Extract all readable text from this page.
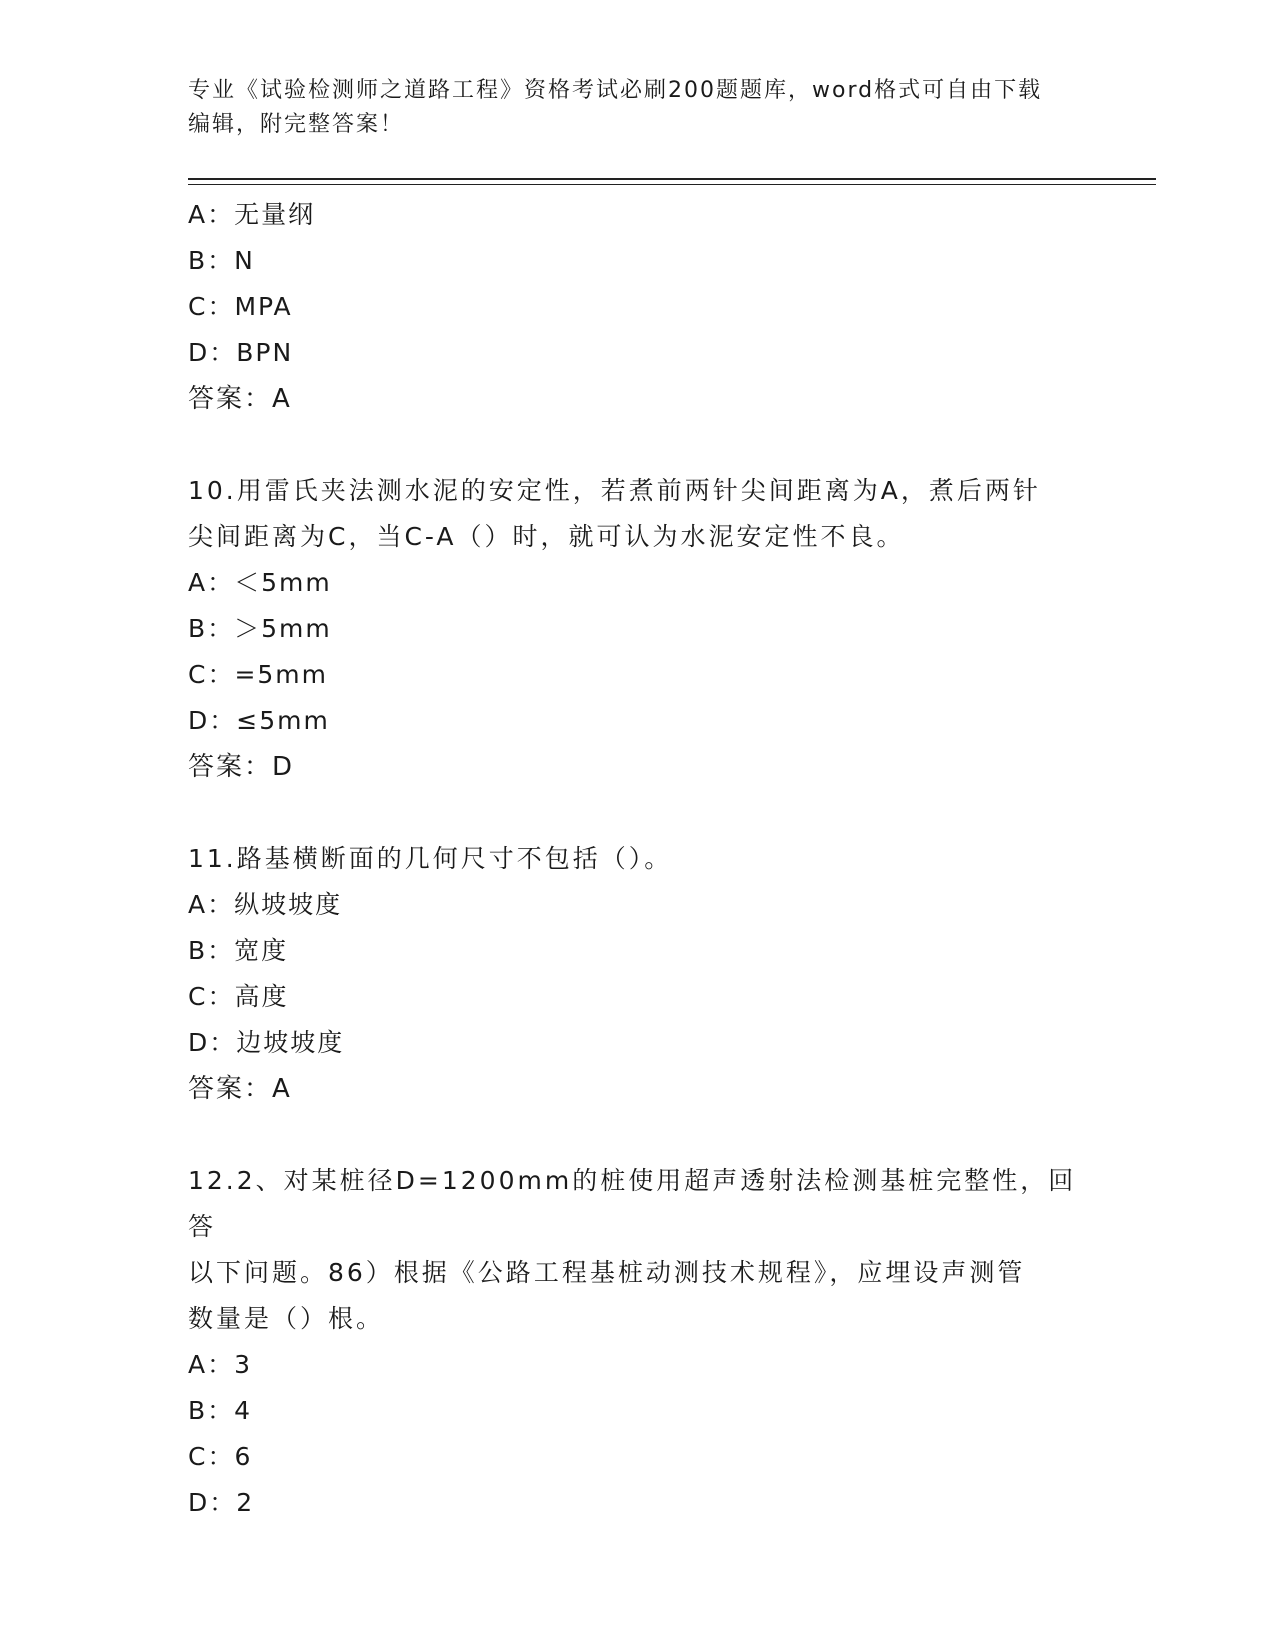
专业《试验检测师之道路工程》资格考试必刷200题题库，word格式可自由下载
编辑，附完整答案！
A：无量纲
B：N
C：MPA
D：BPN
答案：A
10.用雷氏夹法测水泥的安定性，若煮前两针尖间距离为A，煮后两针
尖间距离为C，当C-A（）时，就可认为水泥安定性不良。
A：＜5mm
B：＞5mm
C：=5mm
D：≤5mm
答案：D
11.路基横断面的几何尺寸不包括（）。
A：纵坡坡度
B：宽度
C：高度
D：边坡坡度
答案：A
12.2、对某桩径D=1200mm的桩使用超声透射法检测基桩完整性，回答
以下问题。86）根据《公路工程基桩动测技术规程》，应埋设声测管
数量是（）根。
A：3
B：4
C：6
D：2
